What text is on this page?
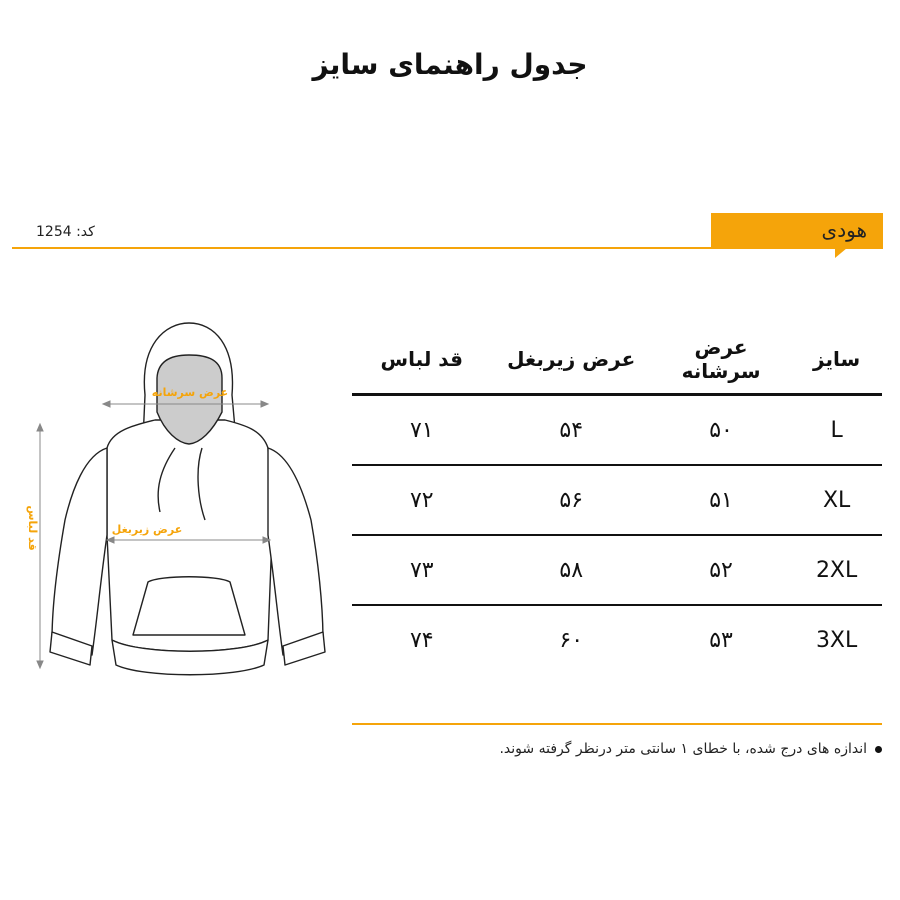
جدول راهنمای سایز
کد: 1254	هودی
عرض سرشانه
عرض زیربغل
قد لباس
سایز	عرض سرشانه	عرض زیربغل	قد لباس
L	۵۰	۵۴	۷۱
XL	۵۱	۵۶	۷۲
2XL	۵۲	۵۸	۷۳
3XL	۵۳	۶۰	۷۴
اندازه های درج شده، با خطای ۱ سانتی متر درنظر گرفته شوند.
